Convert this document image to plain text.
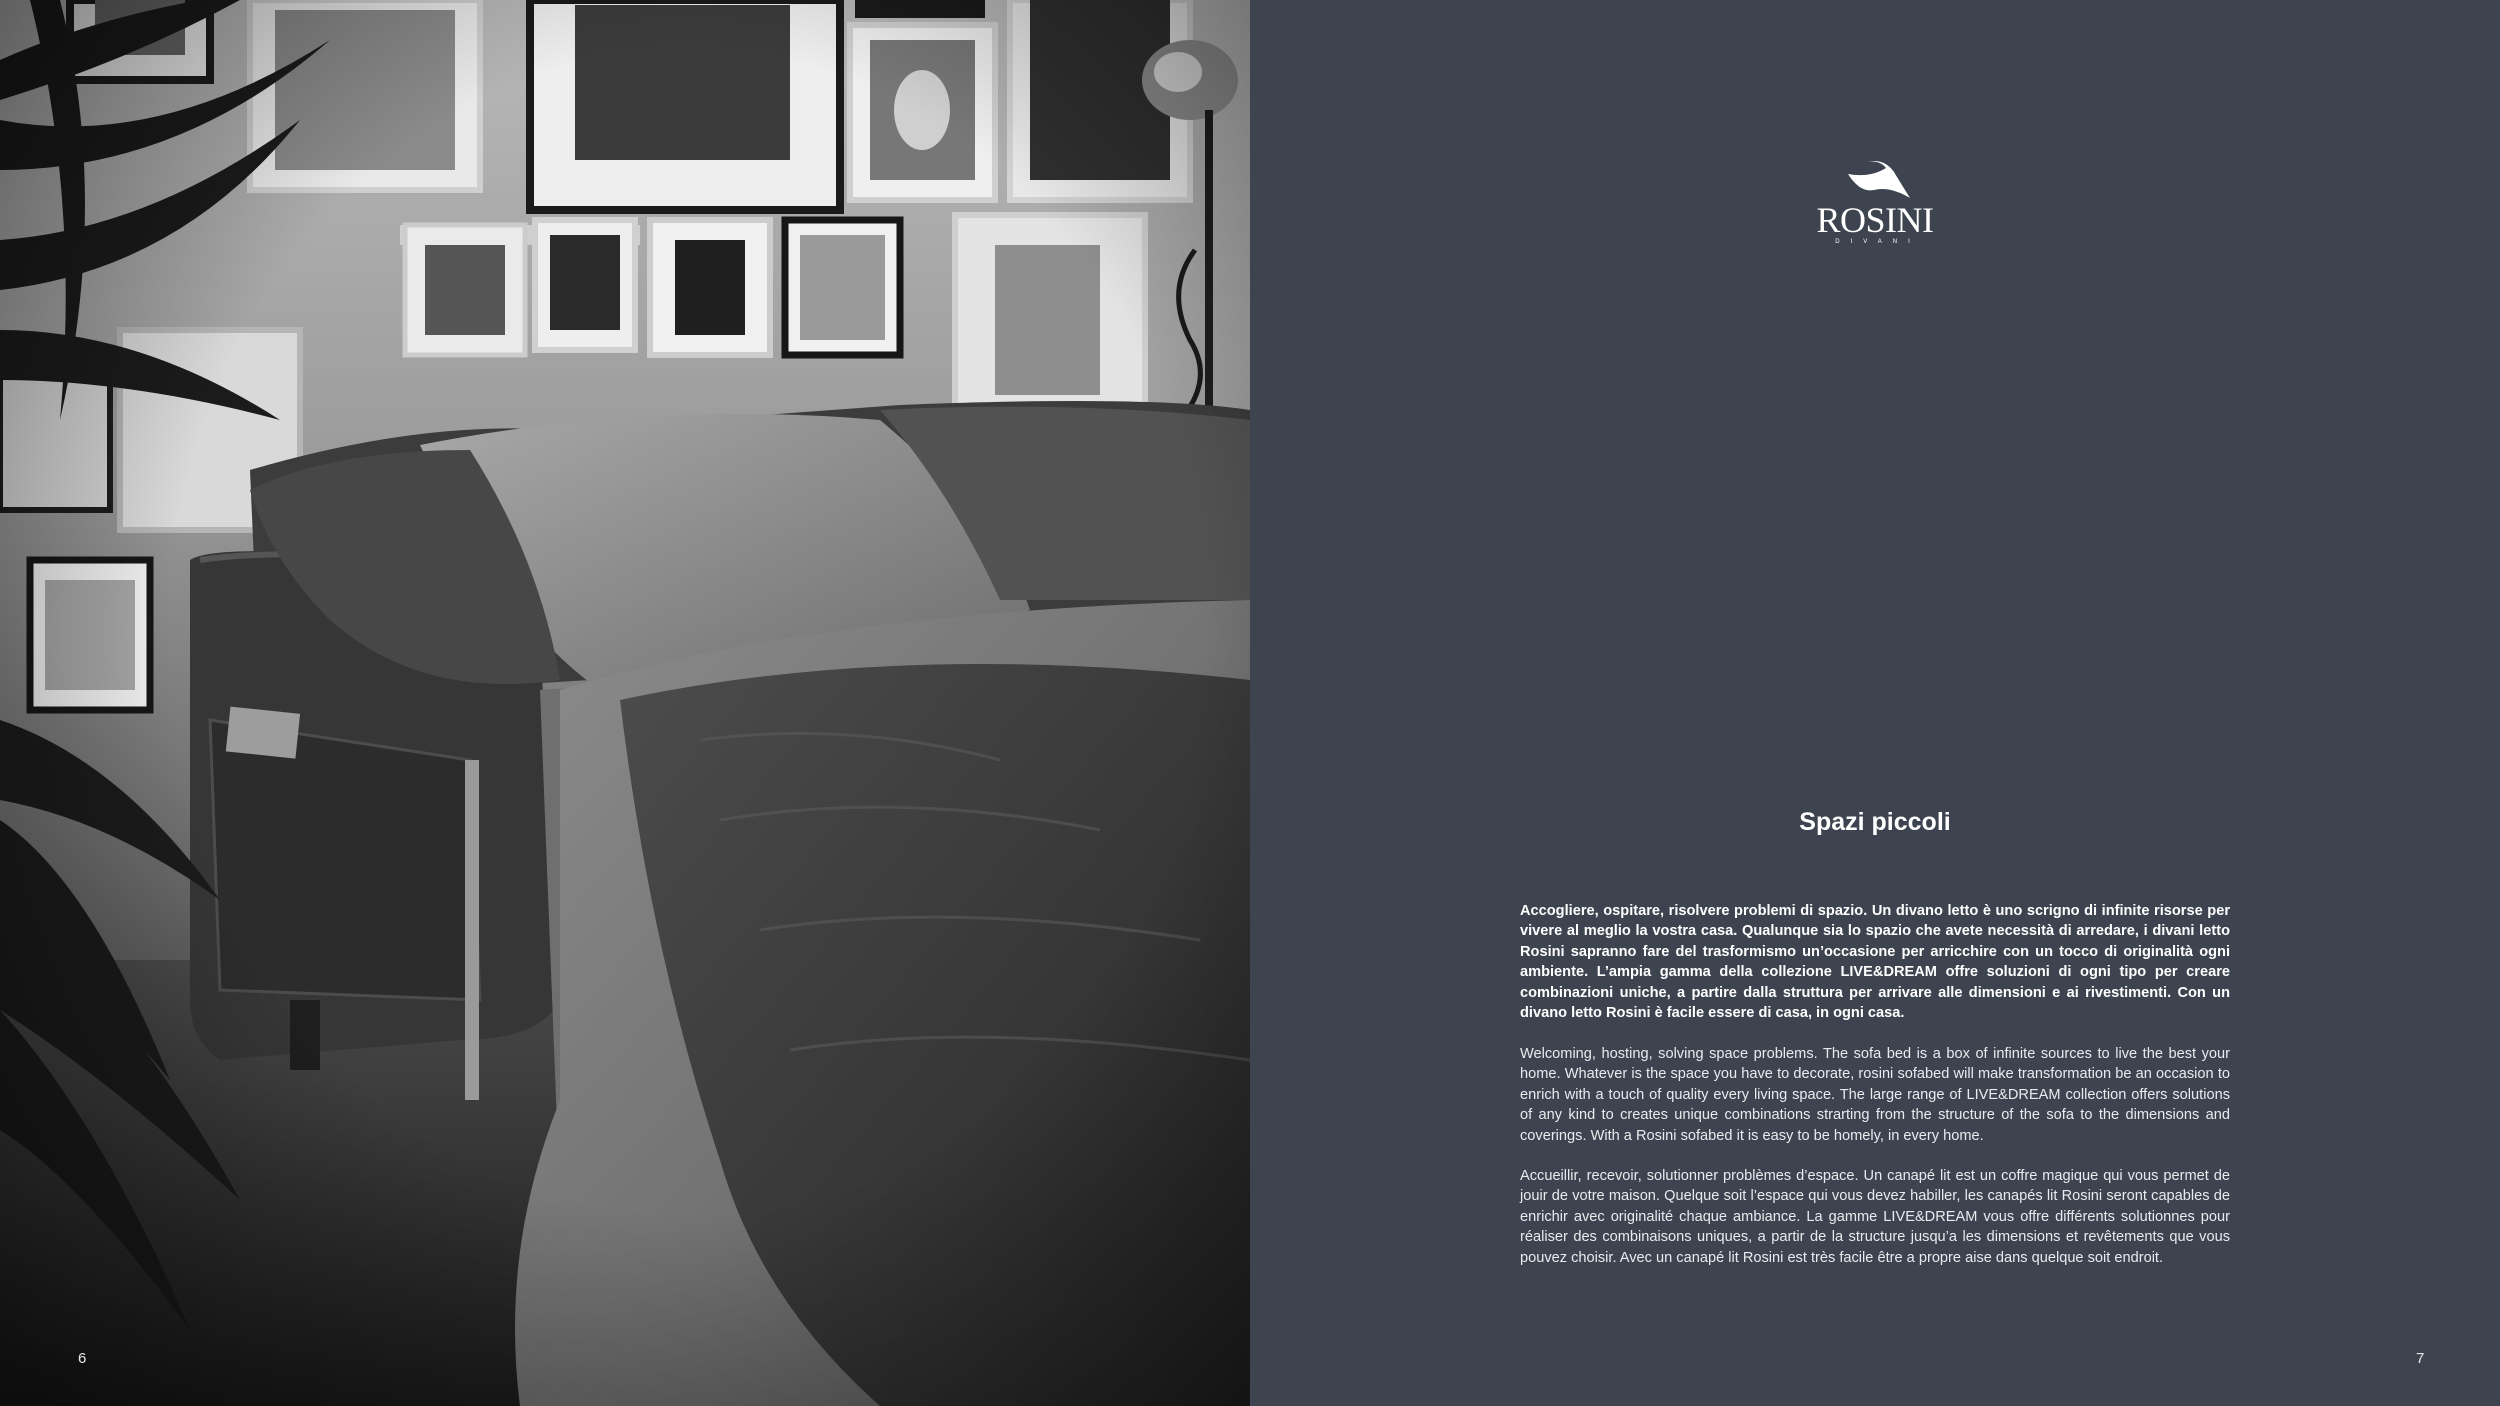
6
ROSINI
DIVANI
Spazi piccoli

Accogliere, ospitare, risolvere problemi di spazio. Un divano letto è uno scrigno di infinite risorse per vivere al meglio la vostra casa. Qualunque sia lo spazio che avete necessità di arredare, i divani letto Rosini sapranno fare del trasformismo un’occasione per arricchire con un tocco di originalità ogni ambiente. L’ampia gamma della collezione LIVE&DREAM offre soluzioni di ogni tipo per creare combinazioni uniche, a partire dalla struttura per arrivare alle dimensioni e ai rivestimenti. Con un divano letto Rosini è facile essere di casa, in ogni casa.

Welcoming, hosting, solving space problems. The sofa bed is a box of infinite sources to live the best your home. Whatever is the space you have to decorate, rosini sofabed will make transformation be an occasion to enrich with a touch of quality every living space. The large range of LIVE&DREAM collection offers solutions of any kind to creates unique combinations strarting from the structure of the sofa to the dimensions and coverings. With a Rosini sofabed it is easy to be homely, in every home.

Accueillir, recevoir, solutionner problèmes d’espace. Un canapé lit est un coffre magique qui vous permet de jouir de votre maison. Quelque soit l’espace qui vous devez habiller, les canapés lit Rosini seront capables de enrichir avec originalité chaque ambiance. La gamme LIVE&DREAM vous offre différents solutionnes pour réaliser des combinaisons uniques, a partir de la structure jusqu’a les dimensions et revêtements que vous pouvez choisir. Avec un canapé lit Rosini est très facile être a propre aise dans quelque soit endroit.

7
